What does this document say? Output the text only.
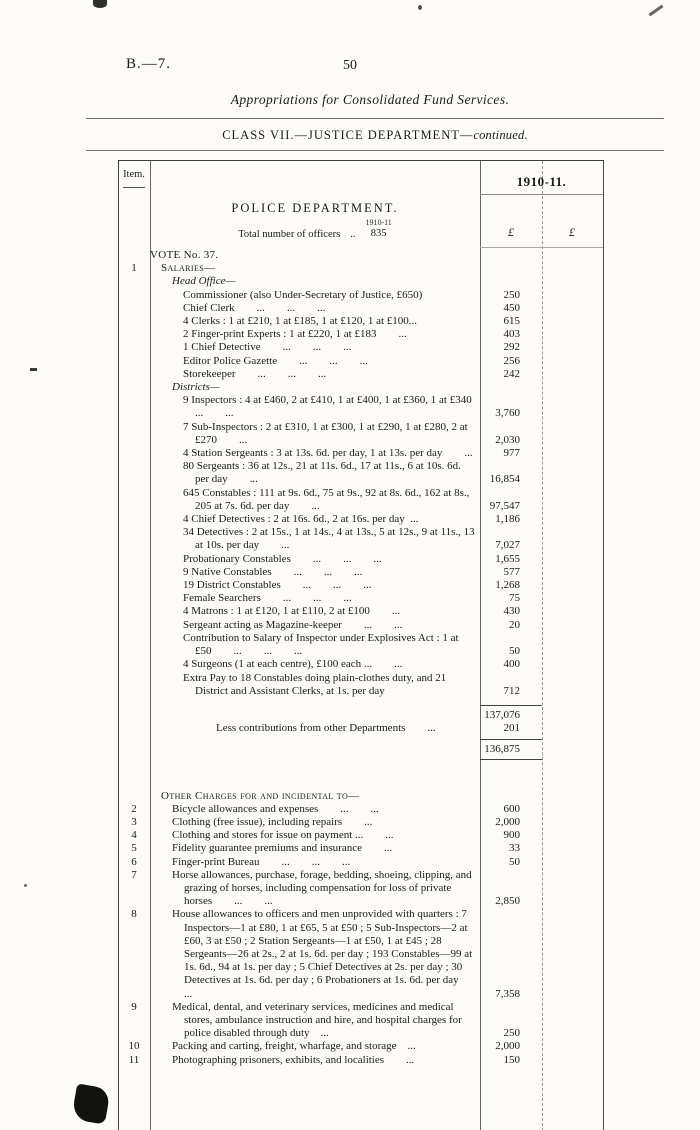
B.—7.	50
Appropriations for Consolidated Fund Services.
CLASS VII.—JUSTICE DEPARTMENT—continued.
Item.	1910-11.
POLICE DEPARTMENT.
Total number of officers ..
1910-11
835	£	£
VOTE No. 37.
1	Salaries—
Head Office—
Commissioner (also Under-Secretary of Justice, £650)	250
Chief Clerk        ...        ...        ...	450
4 Clerks : 1 at £210, 1 at £185, 1 at £120, 1 at £100...	615
2 Finger-print Experts : 1 at £220, 1 at £183        ...	403
1 Chief Detective        ...        ...        ...	292
Editor Police Gazette        ...        ...        ...	256
Storekeeper        ...        ...        ...	242
Districts—
9 Inspectors : 4 at £460, 2 at £410, 1 at £400, 1 at £360, 1 at £340        ...        ...	3,760
7 Sub-Inspectors : 2 at £310, 1 at £300, 1 at £290, 1 at £280, 2 at £270        ...	2,030
4 Station Sergeants : 3 at 13s. 6d. per day, 1 at 13s. per day        ...	977
80 Sergeants : 36 at 12s., 21 at 11s. 6d., 17 at 11s., 6 at 10s. 6d. per day        ...	16,854
645 Constables : 111 at 9s. 6d., 75 at 9s., 92 at 8s. 6d., 162 at 8s., 205 at 7s. 6d. per day        ...	97,547
4 Chief Detectives : 2 at 16s. 6d., 2 at 16s. per day  ...	1,186
34 Detectives : 2 at 15s., 1 at 14s., 4 at 13s., 5 at 12s., 9 at 11s., 13 at 10s. per day        ...	7,027
Probationary Constables        ...        ...        ...	1,655
9 Native Constables        ...        ...        ...	577
19 District Constables        ...        ...        ...	1,268
Female Searchers        ...        ...        ...	75
4 Matrons : 1 at £120, 1 at £110, 2 at £100        ...	430
Sergeant acting as Magazine-keeper        ...        ...	20
Contribution to Salary of Inspector under Explosives Act : 1 at £50        ...        ...        ...	50
4 Surgeons (1 at each centre), £100 each ...        ...	400
Extra Pay to 18 Constables doing plain-clothes duty, and 21 District and Assistant Clerks, at 1s. per day	712
137,076
Less contributions from other Departments        ...	201
136,875
Other Charges for and incidental to—
2	Bicycle allowances and expenses        ...        ...	600
3	Clothing (free issue), including repairs        ...	2,000
4	Clothing and stores for issue on payment ...        ...	900
5	Fidelity guarantee premiums and insurance        ...	33
6	Finger-print Bureau        ...        ...        ...	50
7	Horse allowances, purchase, forage, bedding, shoeing, clipping, and grazing of horses, including compensation for loss of private horses        ...        ...	2,850
8	House allowances to officers and men unprovided with quarters : 7 Inspectors—1 at £80, 1 at £65, 5 at £50 ; 5 Sub-Inspectors—2 at £60, 3 at £50 ; 2 Station Sergeants—1 at £50, 1 at £45 ; 28 Sergeants—26 at 2s., 2 at 1s. 6d. per day ; 193 Constables—99 at 1s. 6d., 94 at 1s. per day ; 5 Chief Detectives at 2s. per day ; 30 Detectives at 1s. 6d. per day ; 6 Probationers at 1s. 6d. per day        ...	7,358
9	Medical, dental, and veterinary services, medicines and medical stores, ambulance instruction and hire, and hospital charges for police disabled through duty    ...	250
10	Packing and carting, freight, wharfage, and storage    ...	2,000
11	Photographing prisoners, exhibits, and localities        ...	150
